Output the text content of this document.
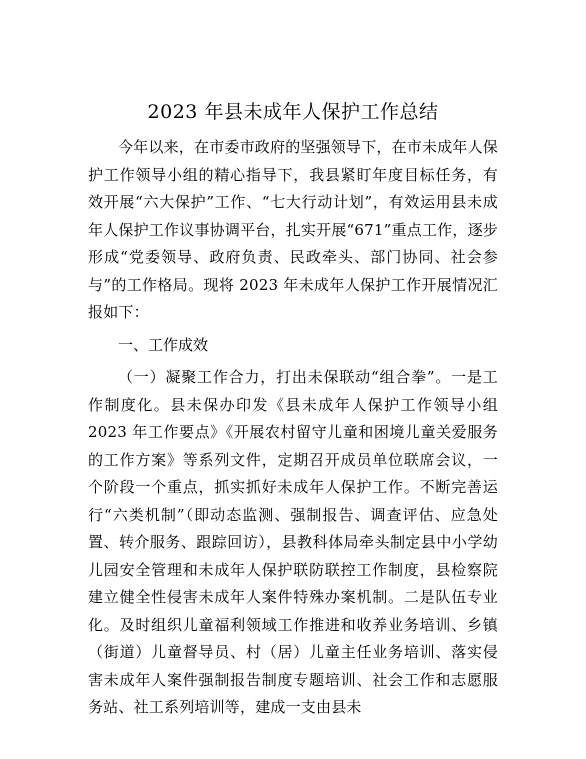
2023 年县未成年人保护工作总结

今年以来，在市委市政府的坚强领导下，在市未成年人保护工作领导小组的精心指导下，我县紧盯年度目标任务，有效开展“六大保护”工作、“七大行动计划”，有效运用县未成年人保护工作议事协调平台，扎实开展“671”重点工作，逐步形成“党委领导、政府负责、民政牵头、部门协同、社会参与”的工作格局。现将 2023 年未成年人保护工作开展情况汇报如下：

一、工作成效

（一）凝聚工作合力，打出未保联动“组合拳”。一是工作制度化。县未保办印发《县未成年人保护工作领导小组 2023 年工作要点》《开展农村留守儿童和困境儿童关爱服务的工作方案》等系列文件，定期召开成员单位联席会议，一个阶段一个重点，抓实抓好未成年人保护工作。不断完善运行“六类机制”（即动态监测、强制报告、调查评估、应急处置、转介服务、跟踪回访），县教科体局牵头制定县中小学幼儿园安全管理和未成年人保护联防联控工作制度，县检察院建立健全性侵害未成年人案件特殊办案机制。二是队伍专业化。及时组织儿童福利领域工作推进和收养业务培训、乡镇（街道）儿童督导员、村（居）儿童主任业务培训、落实侵害未成年人案件强制报告制度专题培训、社会工作和志愿服务站、社工系列培训等，建成一支由县未
